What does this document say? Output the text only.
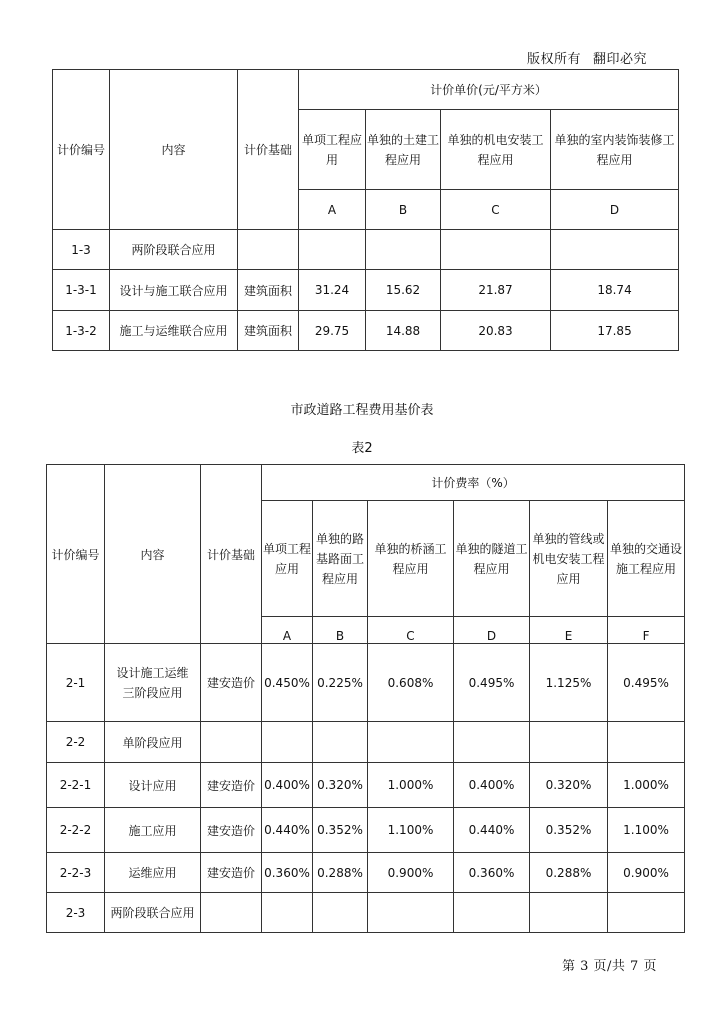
版权所有 翻印必究
计价编号	内容	计价基础	计价单价(元/平方米）			
			单项工程应用	单独的土建工程应用	单独的机电安装工程应用	单独的室内装饰装修工程应用
			A	B	C	D
1-3	两阶段联合应用					
1-3-1	设计与施工联合应用	建筑面积	31.24	15.62	21.87	18.74
1-3-2	施工与运维联合应用	建筑面积	29.75	14.88	20.83	17.85
市政道路工程费用基价表
表2
计价编号	内容	计价基础	计价费率（%）					
			单项工程应用	单独的路基路面工程应用	单独的桥涵工程应用	单独的隧道工程应用	单独的管线或机电安装工程应用	单独的交通设施工程应用
			A	B	C	D	E	F
2-1	设计施工运维三阶段应用	建安造价	0.450%	0.225%	0.608%	0.495%	1.125%	0.495%
2-2	单阶段应用							
2-2-1	设计应用	建安造价	0.400%	0.320%	1.000%	0.400%	0.320%	1.000%
2-2-2	施工应用	建安造价	0.440%	0.352%	1.100%	0.440%	0.352%	1.100%
2-2-3	运维应用	建安造价	0.360%	0.288%	0.900%	0.360%	0.288%	0.900%
2-3	两阶段联合应用							
第 3 页/共 7 页
